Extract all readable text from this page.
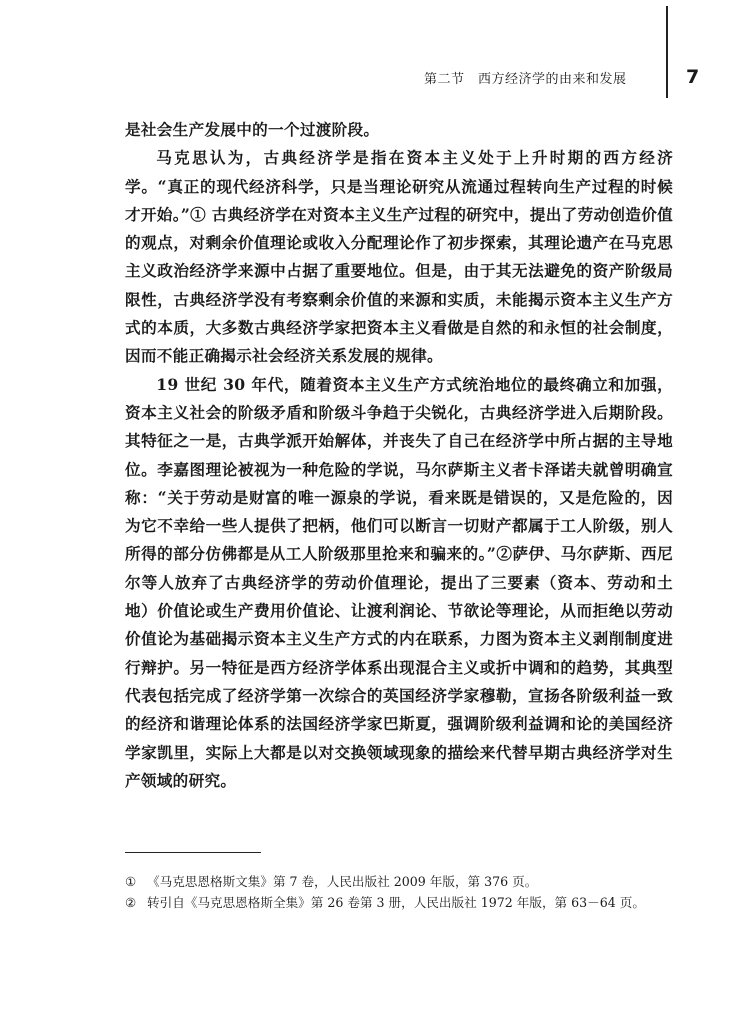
第二节　西方经济学的由来和发展	7

是社会生产发展中的一个过渡阶段。

马克思认为，古典经济学是指在资本主义处于上升时期的西方经济学。“真正的现代经济科学，只是当理论研究从流通过程转向生产过程的时候才开始。”① 古典经济学在对资本主义生产过程的研究中，提出了劳动创造价值的观点，对剩余价值理论或收入分配理论作了初步探索，其理论遗产在马克思主义政治经济学来源中占据了重要地位。但是，由于其无法避免的资产阶级局限性，古典经济学没有考察剩余价值的来源和实质，未能揭示资本主义生产方式的本质，大多数古典经济学家把资本主义看做是自然的和永恒的社会制度，因而不能正确揭示社会经济关系发展的规律。

19 世纪 30 年代，随着资本主义生产方式统治地位的最终确立和加强，资本主义社会的阶级矛盾和阶级斗争趋于尖锐化，古典经济学进入后期阶段。其特征之一是，古典学派开始解体，并丧失了自己在经济学中所占据的主导地位。李嘉图理论被视为一种危险的学说，马尔萨斯主义者卡泽诺夫就曾明确宣称：“关于劳动是财富的唯一源泉的学说，看来既是错误的，又是危险的，因为它不幸给一些人提供了把柄，他们可以断言一切财产都属于工人阶级，别人所得的部分仿佛都是从工人阶级那里抢来和骗来的。”②萨伊、马尔萨斯、西尼尔等人放弃了古典经济学的劳动价值理论，提出了三要素（资本、劳动和土地）价值论或生产费用价值论、让渡利润论、节欲论等理论，从而拒绝以劳动价值论为基础揭示资本主义生产方式的内在联系，力图为资本主义剥削制度进行辩护。另一特征是西方经济学体系出现混合主义或折中调和的趋势，其典型代表包括完成了经济学第一次综合的英国经济学家穆勒，宣扬各阶级利益一致的经济和谐理论体系的法国经济学家巴斯夏，强调阶级利益调和论的美国经济学家凯里，实际上大都是以对交换领域现象的描绘来代替早期古典经济学对生产领域的研究。

① 《马克思恩格斯文集》第 7 卷，人民出版社 2009 年版，第 376 页。
② 转引自《马克思恩格斯全集》第 26 卷第 3 册，人民出版社 1972 年版，第 63－64 页。
